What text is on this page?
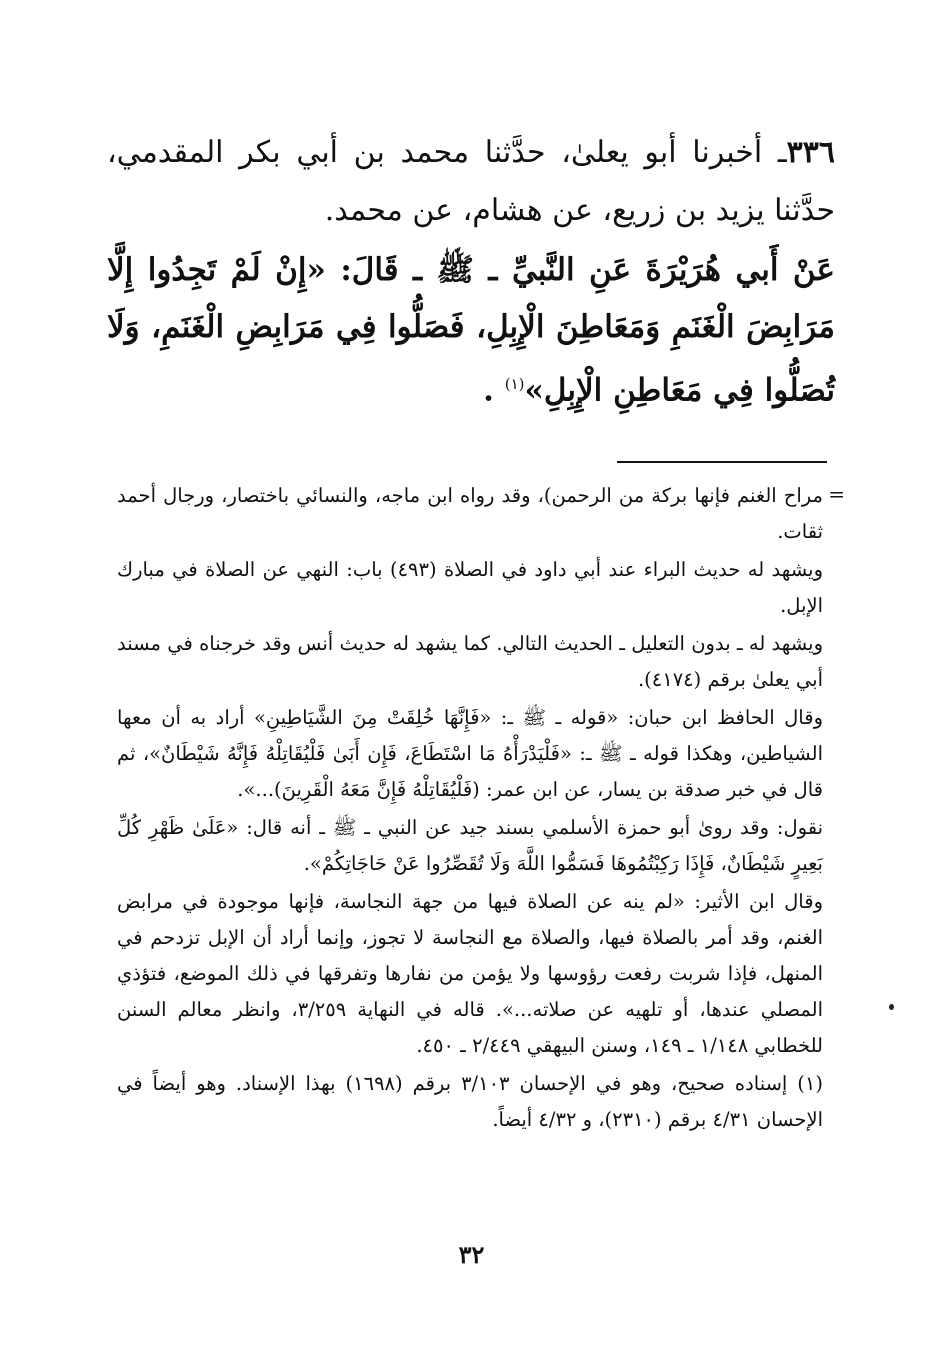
٣٣٦ـ أخبرنا أبو يعلىٰ، حدَّثنا محمد بن أبي بكر المقدمي، حدَّثنا يزيد بن زريع، عن هشام، عن محمد.

عَنْ أَبي هُرَيْرَةَ عَنِ النَّبيِّ ـ ﷺ ـ قَالَ: «إِنْ لَمْ تَجِدُوا إِلَّا مَرَابِضَ الْغَنَمِ وَمَعَاطِنَ الْإِبِلِ، فَصَلُّوا فِي مَرَابِضِ الْغَنَمِ، وَلَا تُصَلُّوا فِي مَعَاطِنِ الْإِبِلِ»$^{(١)}$ .

=

مراح الغنم فإنها بركة من الرحمن)، وقد رواه ابن ماجه، والنسائي باختصار، ورجال أحمد ثقات.

ويشهد له حديث البراء عند أبي داود في الصلاة (٤٩٣) باب: النهي عن الصلاة في مبارك الإبل.

ويشهد له ـ بدون التعليل ـ الحديث التالي. كما يشهد له حديث أنس وقد خرجناه في مسند أبي يعلىٰ برقم (٤١٧٤).

وقال الحافظ ابن حبان: «قوله ـ ﷺ ـ: «فَإِنَّهَا خُلِقَتْ مِنَ الشَّيَاطِينِ» أراد به أن معها الشياطين، وهكذا قوله ـ ﷺ ـ: «فَلْيَدْرَأْهُ مَا اسْتَطَاعَ، فَإِن أَبَىٰ فَلْيُقَاتِلْهُ فَإِنَّهُ شَيْطَانٌ»، ثم قال في خبر صدقة بن يسار، عن ابن عمر: (فَلْيُقَاتِلْهُ فَإِنَّ مَعَهُ الْقَرِينَ)...».

نقول: وقد روىٰ أبو حمزة الأسلمي بسند جيد عن النبي ـ ﷺ ـ أنه قال: «عَلَىٰ ظَهْرِ كُلِّ بَعِيرٍ شَيْطَانٌ، فَإِذَا رَكِبْتُمُوهَا فَسَمُّوا اللَّهَ وَلَا تُقَصِّرُوا عَنْ حَاجَاتِكُمْ».

وقال ابن الأثير: «لم ينه عن الصلاة فيها من جهة النجاسة، فإنها موجودة في مرابض الغنم، وقد أمر بالصلاة فيها، والصلاة مع النجاسة لا تجوز، وإنما أراد أن الإبل تزدحم في المنهل، فإذا شربت رفعت رؤوسها ولا يؤمن من نفارها وتفرقها في ذلك الموضع، فتؤذي المصلي عندها، أو تلهيه عن صلاته...». قاله في النهاية ٣/٢٥٩، وانظر معالم السنن للخطابي ١/١٤٨ ـ ١٤٩، وسنن البيهقي ٢/٤٤٩ ـ ٤٥٠.

(١) إسناده صحيح، وهو في الإحسان ٣/١٠٣ برقم (١٦٩٨) بهذا الإسناد. وهو أيضاً في الإحسان ٤/٣١ برقم (٢٣١٠)، و ٤/٣٢ أيضاً.

٣٢
